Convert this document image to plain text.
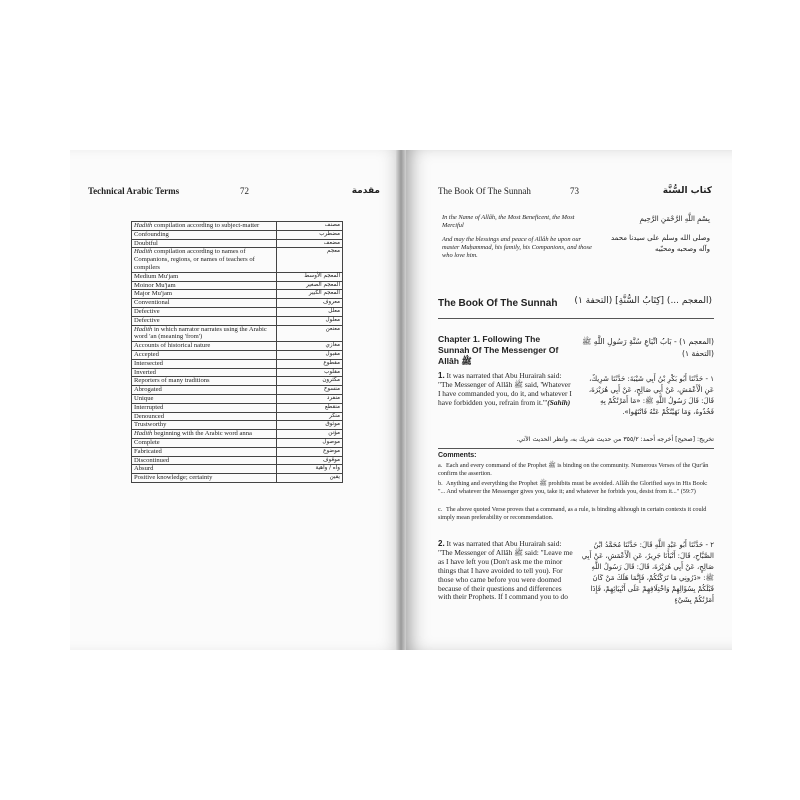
Technical Arabic Terms	72	مقدمة
Hadith compilation according to subject-matter	مصنف
Confounding	مضطرب
Doubtful	مضعف
Hadith compilation according to names of Companions, regions, or names of teachers of compilers	معجم
Medium Mu'jam	المعجم الأوسط
Moinor Mu'jam	المعجم الصغير
Major Mu'jam	المعجم الكبير
Conventional	معروف
Defective	معلل
Defective	معلول
Hadith in which narrator narrates using the Arabic word 'an (meaning 'from')	معنعن
Accounts of historical nature	مغازي
Accepted	مقبول
Intersected	مقطوع
Inverted	مقلوب
Reporters of many traditions	مكثرون
Abrogated	منسوخ
Unique	منفرد
Interrupted	منقطع
Denounced	منكر
Trustworthy	موثوق
Hadith beginning with the Arabic word anna	مؤنن
Complete	موصول
Fabricated	موضوع
Discontinued	موقوف
Absurd	واه / واهية
Positive knowledge; certainty	يقين
The Book Of The Sunnah	73	كتاب السُّنَّة
In the Name of Allâh, the Most Beneficent, the Most Merciful
And may the blessings and peace of Allâh be upon our master Muḥammad, his family, his Companions, and those who love him.
بِسْمِ اللَّهِ الرَّحْمَنِ الرَّحِيمِ
وصلى الله وسلم على سيدنا محمد وآله وصحبه ومحبّيه
The Book Of The Sunnah	(المعجم ...) [كِتَابُ السُّنَّةِ] (التحفة ١)
Chapter 1. Following The Sunnah Of The Messenger Of Allâh ﷺ
(المعجم ١) - بَابُ اتِّبَاعِ سُنَّةِ رَسُولِ اللَّهِ ﷺ (التحفة ١)
1. It was narrated that Abu Hurairah said: "The Messenger of Allâh ﷺ said, 'Whatever I have commanded you, do it, and whatever I have forbidden you, refrain from it.'"(Sahih)
١ - حَدَّثَنَا أَبُو بَكْرِ بْنُ أَبِي شَيْبَةَ: حَدَّثَنَا شَرِيكٌ، عَنِ الْأَعْمَشِ، عَنْ أَبِي صَالِحٍ، عَنْ أَبِي هُرَيْرَةَ، قَالَ: قَالَ رَسُولُ اللَّهِ ﷺ: «مَا أَمَرْتُكُمْ بِهِ فَخُذُوهُ، وَمَا نَهَيْتُكُمْ عَنْهُ فَانْتَهُوا».
تخريج: [صحيح] أخرجه أحمد: ٣٥٥/٢ من حديث شريك به، وانظر الحديث الآتي.
Comments:
a. Each and every command of the Prophet ﷺ is binding on the community. Numerous Verses of the Qur'ân confirm the assertion.
b. Anything and everything the Prophet ﷺ prohibits must be avoided. Allâh the Glorified says in His Book: "... And whatever the Messenger gives you, take it; and whatever he forbids you, desist from it..." (59:7)
c. The above quoted Verse proves that a command, as a rule, is binding although in certain contexts it could simply mean preferability or recommendation.
2. It was narrated that Abu Hurairah said: "The Messenger of Allâh ﷺ said: "Leave me as I have left you (Don't ask me the minor things that I have avoided to tell you). For those who came before you were doomed because of their questions and differences with their Prophets. If I command you to do
٢ - حَدَّثَنَا أَبُو عَبْدِ اللَّهِ قَالَ: حَدَّثَنَا مُحَمَّدُ ابْنُ الصَّبَّاحِ، قَالَ: أَنْبَأَنَا جَرِيرٌ، عَنِ الْأَعْمَشِ، عَنْ أَبِي صَالِحٍ، عَنْ أَبِي هُرَيْرَةَ، قَالَ: قَالَ رَسُولُ اللَّهِ ﷺ: «ذَرُونِي مَا تَرَكْتُكُمْ، فَإِنَّمَا هَلَكَ مَنْ كَانَ قَبْلَكُمْ بِسُؤَالِهِمْ وَاخْتِلَافِهِمْ عَلَى أَنْبِيَائِهِمْ، فَإِذَا أَمَرْتُكُمْ بِشَيْءٍ
